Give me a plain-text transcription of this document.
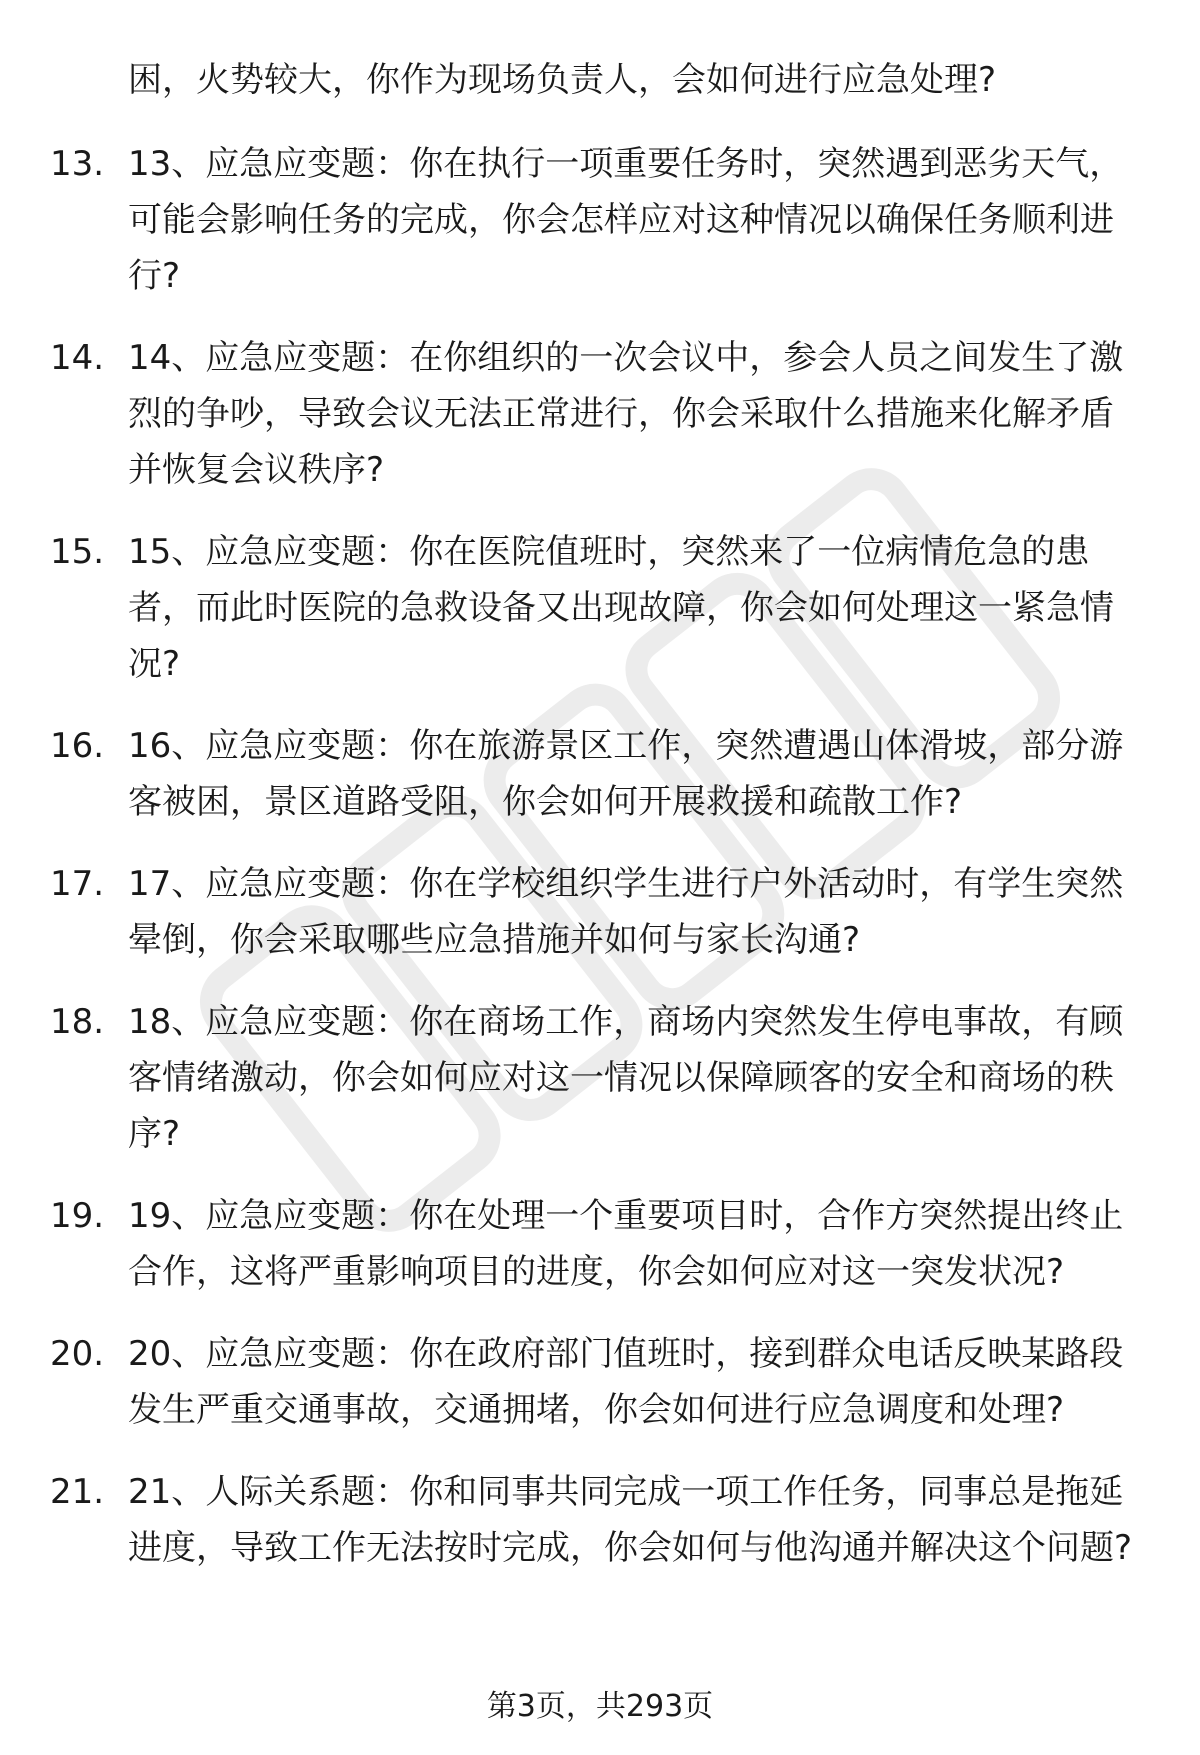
困，火势较大，你作为现场负责人，会如何进行应急处理?

13. 13、应急应变题：你在执行一项重要任务时，突然遇到恶劣天气，可能会影响任务的完成，你会怎样应对这种情况以确保任务顺利进行?
14. 14、应急应变题：在你组织的一次会议中，参会人员之间发生了激烈的争吵，导致会议无法正常进行，你会采取什么措施来化解矛盾并恢复会议秩序?
15. 15、应急应变题：你在医院值班时，突然来了一位病情危急的患者，而此时医院的急救设备又出现故障，你会如何处理这一紧急情况?
16. 16、应急应变题：你在旅游景区工作，突然遭遇山体滑坡，部分游客被困，景区道路受阻，你会如何开展救援和疏散工作?
17. 17、应急应变题：你在学校组织学生进行户外活动时，有学生突然晕倒，你会采取哪些应急措施并如何与家长沟通?
18. 18、应急应变题：你在商场工作，商场内突然发生停电事故，有顾客情绪激动，你会如何应对这一情况以保障顾客的安全和商场的秩序?
19. 19、应急应变题：你在处理一个重要项目时，合作方突然提出终止合作，这将严重影响项目的进度，你会如何应对这一突发状况?
20. 20、应急应变题：你在政府部门值班时，接到群众电话反映某路段发生严重交通事故，交通拥堵，你会如何进行应急调度和处理?
21. 21、人际关系题：你和同事共同完成一项工作任务，同事总是拖延进度，导致工作无法按时完成，你会如何与他沟通并解决这个问题?
第3页，共293页
